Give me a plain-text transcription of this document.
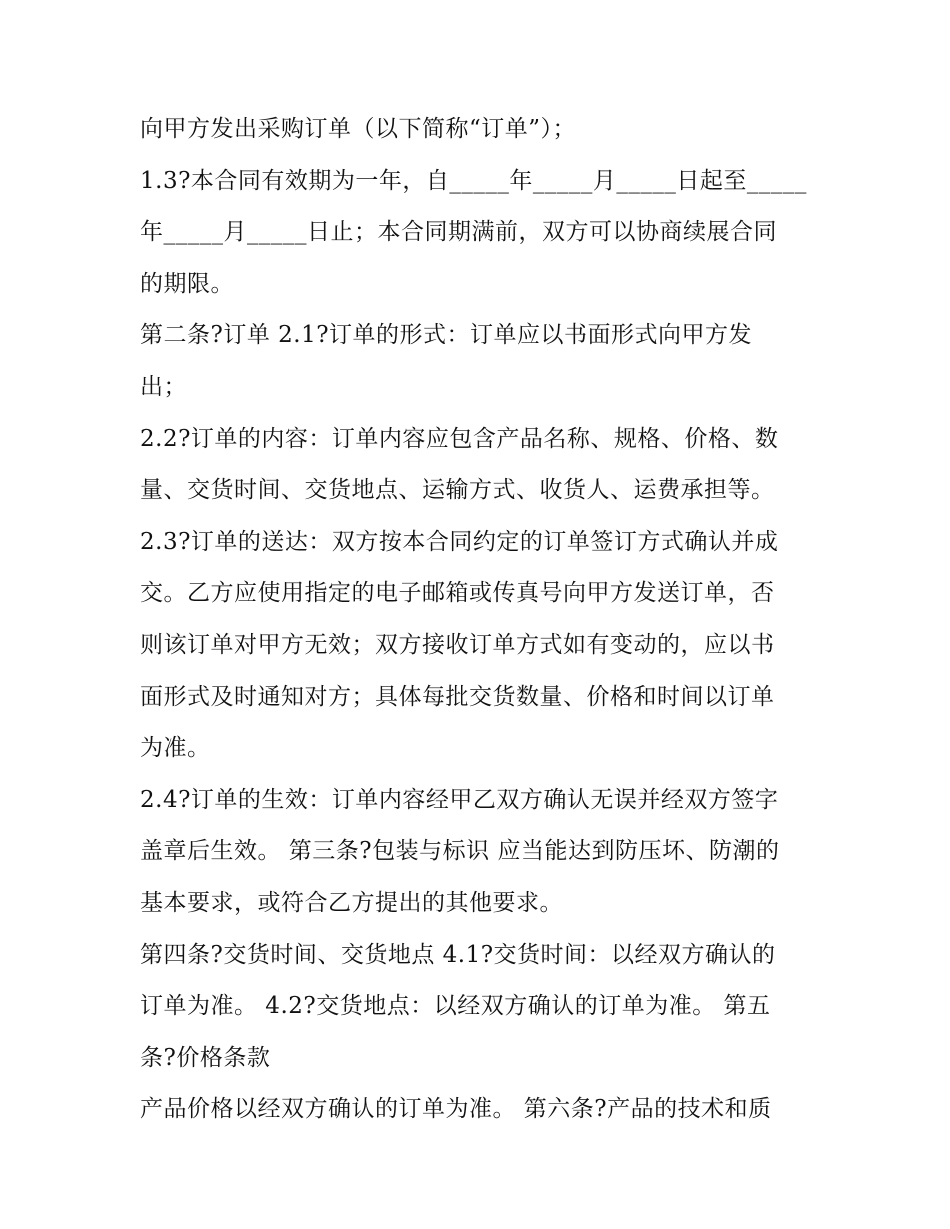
向甲方发出采购订单（以下简称“订单”）；
1.3?本合同有效期为一年，自_____年_____月_____日起至_____
年_____月_____日止；本合同期满前，双方可以协商续展合同
的期限。
第二条?订单 2.1?订单的形式：订单应以书面形式向甲方发
出；
2.2?订单的内容：订单内容应包含产品名称、规格、价格、数
量、交货时间、交货地点、运输方式、收货人、运费承担等。
2.3?订单的送达：双方按本合同约定的订单签订方式确认并成
交。乙方应使用指定的电子邮箱或传真号向甲方发送订单，否
则该订单对甲方无效；双方接收订单方式如有变动的，应以书
面形式及时通知对方；具体每批交货数量、价格和时间以订单
为准。
2.4?订单的生效：订单内容经甲乙双方确认无误并经双方签字
盖章后生效。 第三条?包装与标识 应当能达到防压坏、防潮的
基本要求，或符合乙方提出的其他要求。
第四条?交货时间、交货地点 4.1?交货时间：以经双方确认的
订单为准。 4.2?交货地点：以经双方确认的订单为准。 第五
条?价格条款
产品价格以经双方确认的订单为准。 第六条?产品的技术和质
